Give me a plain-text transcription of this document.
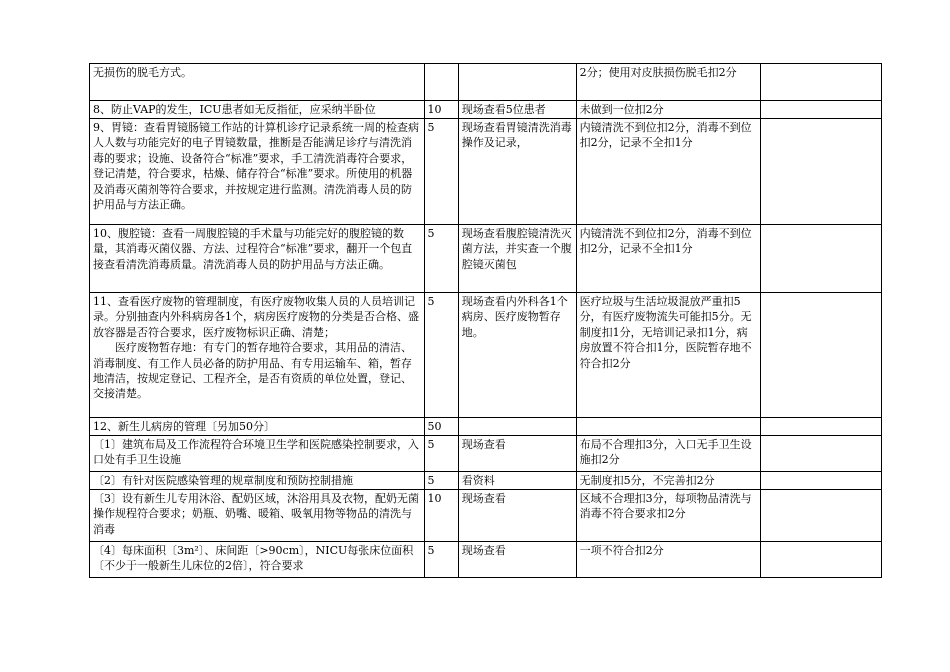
无损伤的脱毛方式。			2分；使用对皮肤损伤脱毛扣2分	
8、防止VAP的发生，ICU患者如无反指征，应采纳半卧位	10	现场查看5位患者	未做到一位扣2分	
9、胃镜：查看胃镜肠镜工作站的计算机诊疗记录系统一周的检查病人人数与功能完好的电子胃镜数量，推断是否能满足诊疗与清洗消毒的要求；设施、设备符合“标准”要求，手工清洗消毒符合要求，登记清楚，符合要求，枯燥、储存符合“标准”要求。所使用的机器及消毒灭菌剂等符合要求，并按规定进行监测。清洗消毒人员的防护用品与方法正确。	5	现场查看胃镜清洗消毒操作及记录，	内镜清洗不到位扣2分，消毒不到位扣2分，记录不全扣1分	
10、腹腔镜：查看一周腹腔镜的手术量与功能完好的腹腔镜的数量，其消毒灭菌仪器、方法、过程符合“标准”要求，翻开一个包直接查看清洗消毒质量。清洗消毒人员的防护用品与方法正确。	5	现场查看腹腔镜清洗灭菌方法，并实查一个腹腔镜灭菌包	内镜清洗不到位扣2分，消毒不到位扣2分，记录不全扣1分	

11、查看医疗废物的管理制度，有医疗废物收集人员的人员培训记录。分别抽查内外科病房各1个，病房医疗废物的分类是否合格、盛放容器是否符合要求，医疗废物标识正确、清楚；

医疗废物暂存地：有专门的暂存地符合要求，其用品的清洁、消毒制度、有工作人员必备的防护用品、有专用运输车、箱，暂存地清洁，按规定登记、工程齐全，是否有资质的单位处置，登记、交接清楚。	5	现场查看内外科各1个病房、医疗废物暂存地。	医疗垃圾与生活垃圾混放严重扣5分，有医疗废物流失可能扣5分。无制度扣1分，无培训记录扣1分，病房放置不符合扣1分，医院暂存地不符合扣2分	
12、新生儿病房的管理〔另加50分〕	50			
〔1〕建筑布局及工作流程符合环境卫生学和医院感染控制要求，入口处有手卫生设施	5	现场查看	布局不合理扣3分，入口无手卫生设施扣2分	
〔2〕有针对医院感染管理的规章制度和预防控制措施	5	看资料	无制度扣5分，不完善扣2分	
〔3〕设有新生儿专用沐浴、配奶区域，沐浴用具及衣物，配奶无菌操作规程符合要求；奶瓶、奶嘴、暖箱、吸氧用物等物品的清洗与消毒	10	现场查看	区域不合理扣3分，每项物品清洗与消毒不符合要求扣2分	
〔4〕每床面积〔3m²〕、床间距〔>90cm〕，NICU每张床位面积〔不少于一般新生儿床位的2倍〕，符合要求	5	现场查看	一项不符合扣2分	
